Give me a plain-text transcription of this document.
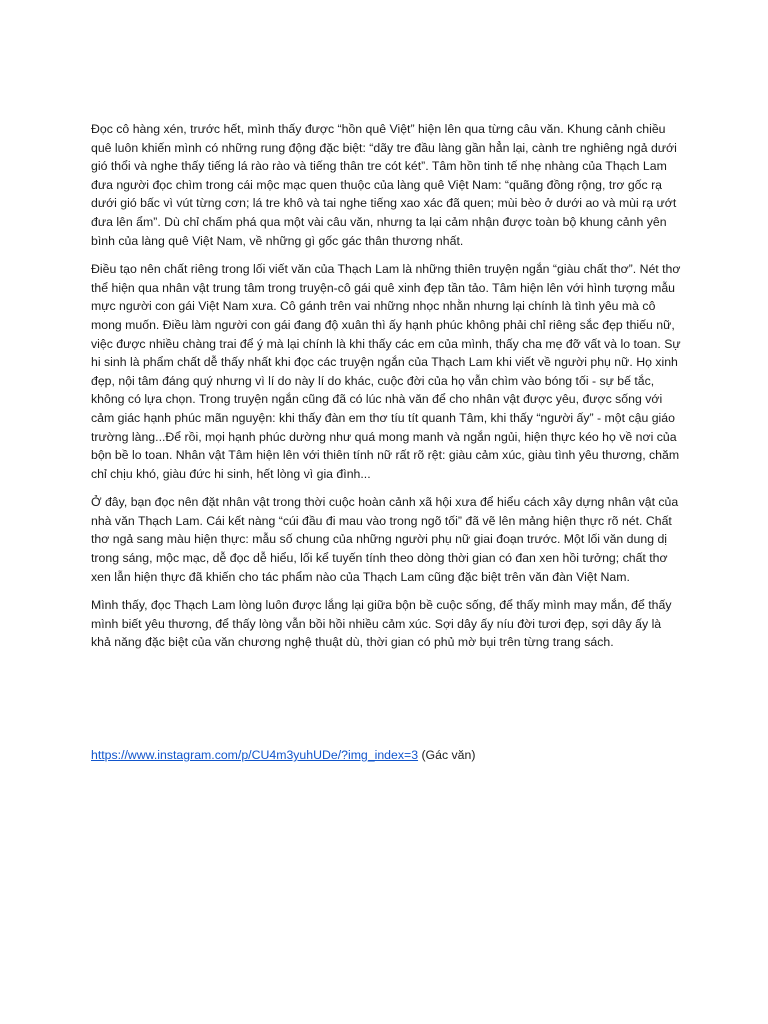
Đọc cô hàng xén, trước hết, mình thấy được “hồn quê Việt” hiện lên qua từng câu văn. Khung cảnh chiều quê luôn khiến mình có những rung động đặc biệt: “dãy tre đầu làng gần hẳn lại, cành tre nghiêng ngả dưới gió thổi và nghe thấy tiếng lá rào rào và tiếng thân tre cót két”. Tâm hồn tinh tế nhẹ nhàng của Thạch Lam đưa người đọc chìm trong cái mộc mạc quen thuộc của làng quê Việt Nam: “quãng đồng rộng, trơ gốc rạ dưới gió bấc vì vút từng cơn; lá tre khô và tai nghe tiếng xao xác đã quen; mùi bèo ở dưới ao và mùi rạ ướt đưa lên ẩm”. Dù chỉ chấm phá qua một vài câu văn, nhưng ta lại cảm nhận được toàn bộ khung cảnh yên bình của làng quê Việt Nam, về những gì gốc gác thân thương nhất.

Điều tạo nên chất riêng trong lối viết văn của Thạch Lam là những thiên truyện ngắn “giàu chất thơ”. Nét thơ thể hiện qua nhân vật trung tâm trong truyện-cô gái quê xinh đẹp tần tảo. Tâm hiện lên với hình tượng mẫu mực người con gái Việt Nam xưa. Cô gánh trên vai những nhọc nhằn nhưng lại chính là tình yêu mà cô mong muốn. Điều làm người con gái đang độ xuân thì ấy hạnh phúc không phải chỉ riêng sắc đẹp thiếu nữ, việc được nhiều chàng trai để ý mà lại chính là khi thấy các em của mình, thấy cha mẹ đỡ vất và lo toan. Sự hi sinh là phẩm chất dễ thấy nhất khi đọc các truyện ngắn của Thạch Lam khi viết về người phụ nữ. Họ xinh đẹp, nội tâm đáng quý nhưng vì lí do này lí do khác, cuộc đời của họ vẫn chìm vào bóng tối - sự bế tắc, không có lựa chọn. Trong truyện ngắn cũng đã có lúc nhà văn để cho nhân vật được yêu, được sống với cảm giác hạnh phúc mãn nguyện: khi thấy đàn em thơ tíu tít quanh Tâm, khi thấy “người ấy” - một cậu giáo trường làng...Để rồi, mọi hạnh phúc dường như quá mong manh và ngắn ngủi, hiện thực kéo họ về nơi của bộn bề lo toan. Nhân vật Tâm hiện lên với thiên tính nữ rất rõ rệt: giàu cảm xúc, giàu tình yêu thương, chăm chỉ chịu khó, giàu đức hi sinh, hết lòng vì gia đình...

Ở đây, bạn đọc nên đặt nhân vật trong thời cuộc hoàn cảnh xã hội xưa để hiểu cách xây dựng nhân vật của nhà văn Thạch Lam. Cái kết nàng “cúi đầu đi mau vào trong ngõ tối” đã vẽ lên mảng hiện thực rõ nét. Chất thơ ngả sang màu hiện thực: mẫu số chung của những người phụ nữ giai đoạn trước. Một lối văn dung dị trong sáng, mộc mạc, dễ đọc dễ hiểu, lối kể tuyến tính theo dòng thời gian có đan xen hồi tưởng; chất thơ xen lẫn hiện thực đã khiến cho tác phẩm nào của Thạch Lam cũng đặc biệt trên văn đàn Việt Nam.

Mình thấy, đọc Thạch Lam lòng luôn được lắng lại giữa bộn bề cuộc sống, để thấy mình may mắn, để thấy mình biết yêu thương, để thấy lòng vẫn bồi hồi nhiều cảm xúc. Sợi dây ấy níu đời tươi đẹp, sợi dây ấy là khả năng đặc biệt của văn chương nghệ thuật dù, thời gian có phủ mờ bụi trên từng trang sách.

https://www.instagram.com/p/CU4m3yuhUDe/?img_index=3 (Gác văn)
